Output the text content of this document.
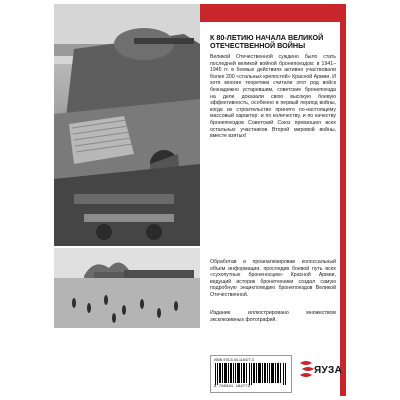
К 80-ЛЕТИЮ НАЧАЛА ВЕЛИКОЙ ОТЕЧЕСТВЕННОЙ ВОЙНЫ
Великой Отечественной суждено было стать последней великой войной бронепоездов: в 1941–1945 гг. в боевых действиях активно участвовали более 200 «стальных крепостей» Красной Армии. И хотя многие теоретики считали этот род войск безнадежно устаревшим, советские бронепоезда на деле доказали свою высокую боевую эффективность, особенно в первый период войны, когда их строительство принято по-настоящему массовый характер: и по количеству, и по качеству бронепоездов Советский Союз превзошел всех остальных участников Второй мировой войны, вместе взятых!
Обработав и проанализировав колоссальный объем информации, проследив боевой путь всех «сухопутных броненосцев» Красной Армии, ведущий историк бронетехники создал самую подробную энциклопедию бронепоездов Великой Отечественной.
Издание иллюстрировано множеством эксклюзивных фотографий.
ISBN 978-5-04-118477-3
9 785041 184773
ЯУЗА
